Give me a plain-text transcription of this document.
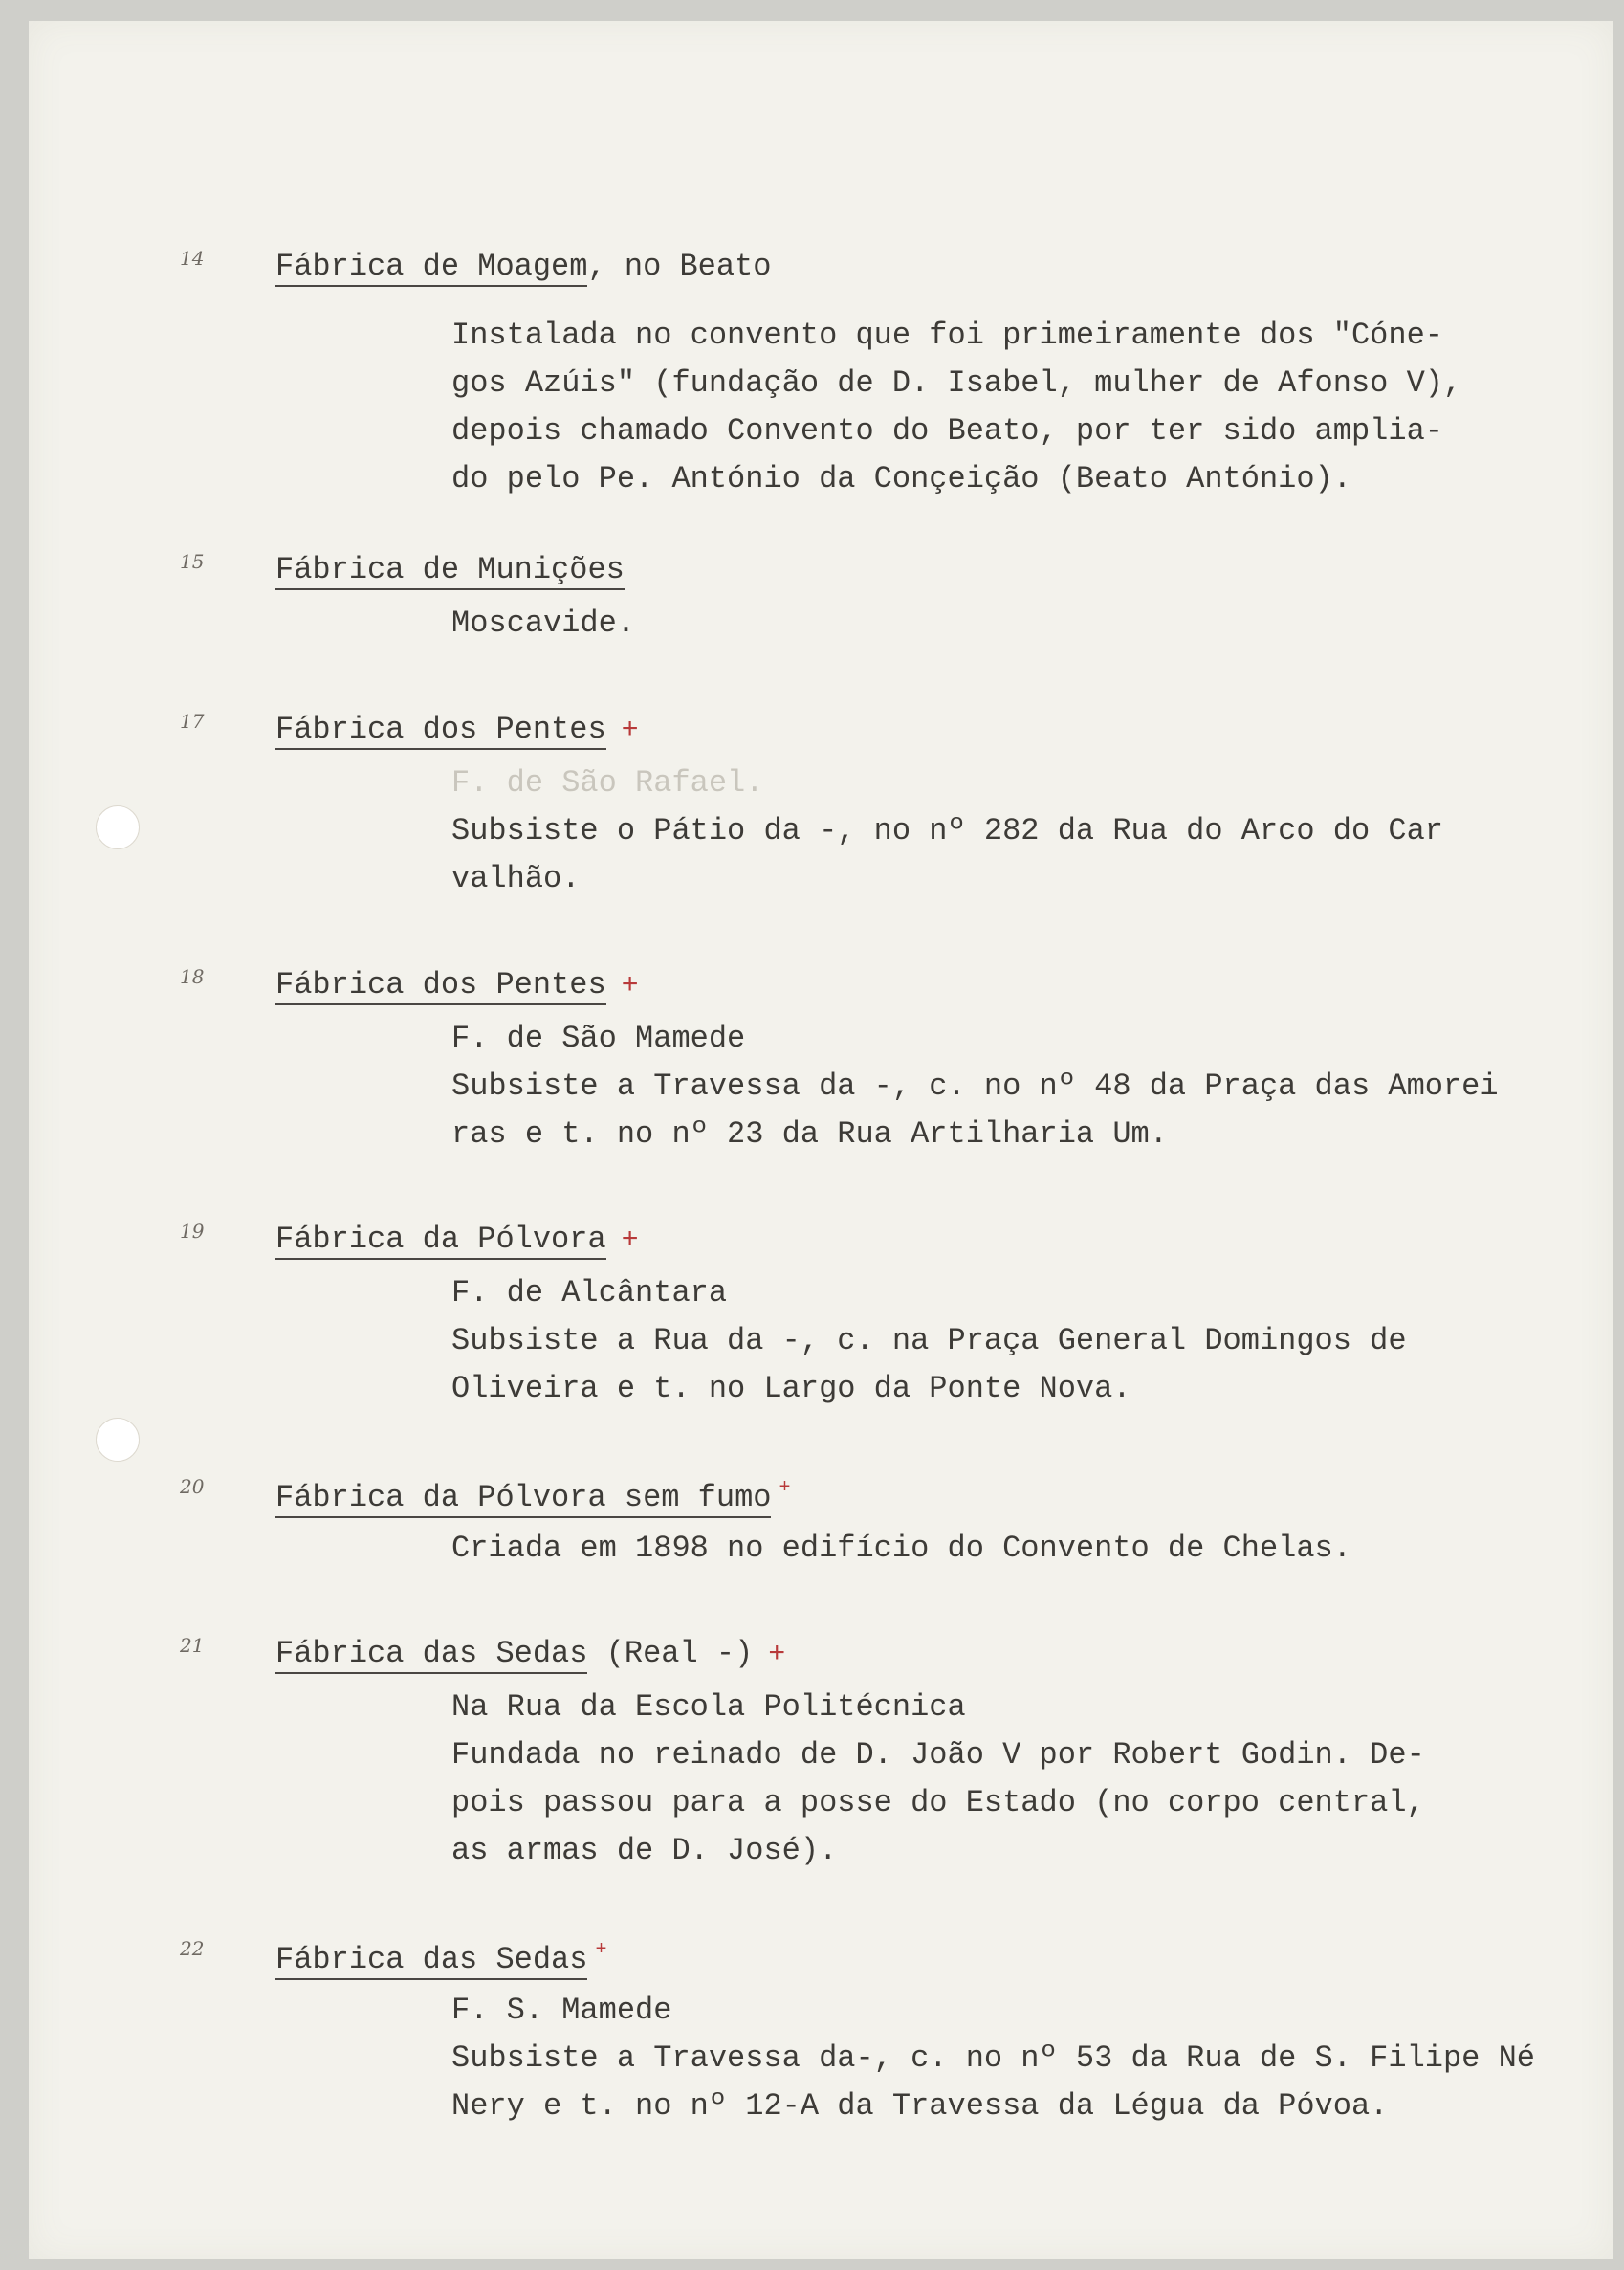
14 Fábrica de Moagem, no Beato
Instalada no convento que foi primeiramente dos "Cóne-
gos Azúis" (fundação de D. Isabel, mulher de Afonso V),
depois chamado Convento do Beato, por ter sido amplia-
do pelo Pe. António da Conçeição (Beato António).
15 Fábrica de Munições
Moscavide.
17 Fábrica dos Pentes +
F. de São Rafael.
Subsiste o Pátio da -, no nº 282 da Rua do Arco do Car
valhão.
18 Fábrica dos Pentes +
F. de São Mamede
Subsiste a Travessa da -, c. no nº 48 da Praça das Amorei
ras e t. no nº 23 da Rua Artilharia Um.
19 Fábrica da Pólvora +
F. de Alcântara
Subsiste a Rua da -, c. na Praça General Domingos de
Oliveira e t. no Largo da Ponte Nova.
20 Fábrica da Pólvora sem fumo +
Criada em 1898 no edifício do Convento de Chelas.
21 Fábrica das Sedas (Real -) +
Na Rua da Escola Politécnica
Fundada no reinado de D. João V por Robert Godin. De-
pois passou para a posse do Estado (no corpo central,
as armas de D. José).
22 Fábrica das Sedas +
F. S. Mamede
Subsiste a Travessa da-, c. no nº 53 da Rua de S. Filipe Né
Nery e t. no nº 12-A da Travessa da Légua da Póvoa.
